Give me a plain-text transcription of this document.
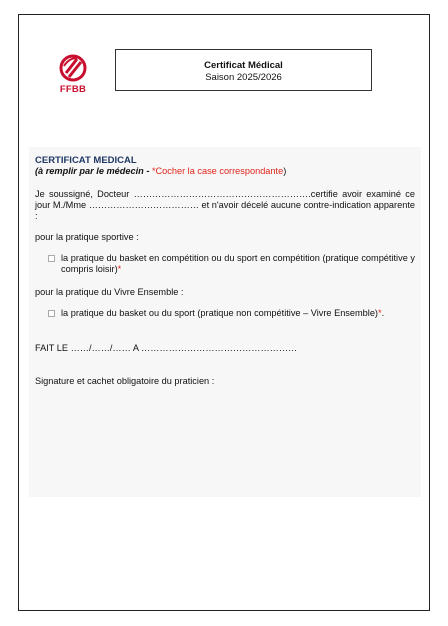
FFBB
Certificat Médical
Saison 2025/2026
CERTIFICAT MEDICAL
(à remplir par le médecin - *Cocher la case correspondante)
Je soussigné, Docteur ………………………………………………….certifie avoir examiné ce jour M./Mme ……………………………… et n'avoir décelé aucune contre-indication apparente :
pour la pratique sportive :
la pratique du basket en compétition ou du sport en compétition (pratique compétitive y compris loisir)*
pour la pratique du Vivre Ensemble :
la pratique du basket ou du sport (pratique non compétitive – Vivre Ensemble)*.
FAIT LE ……/……/…… A ……………………………………………
Signature et cachet obligatoire du praticien :
